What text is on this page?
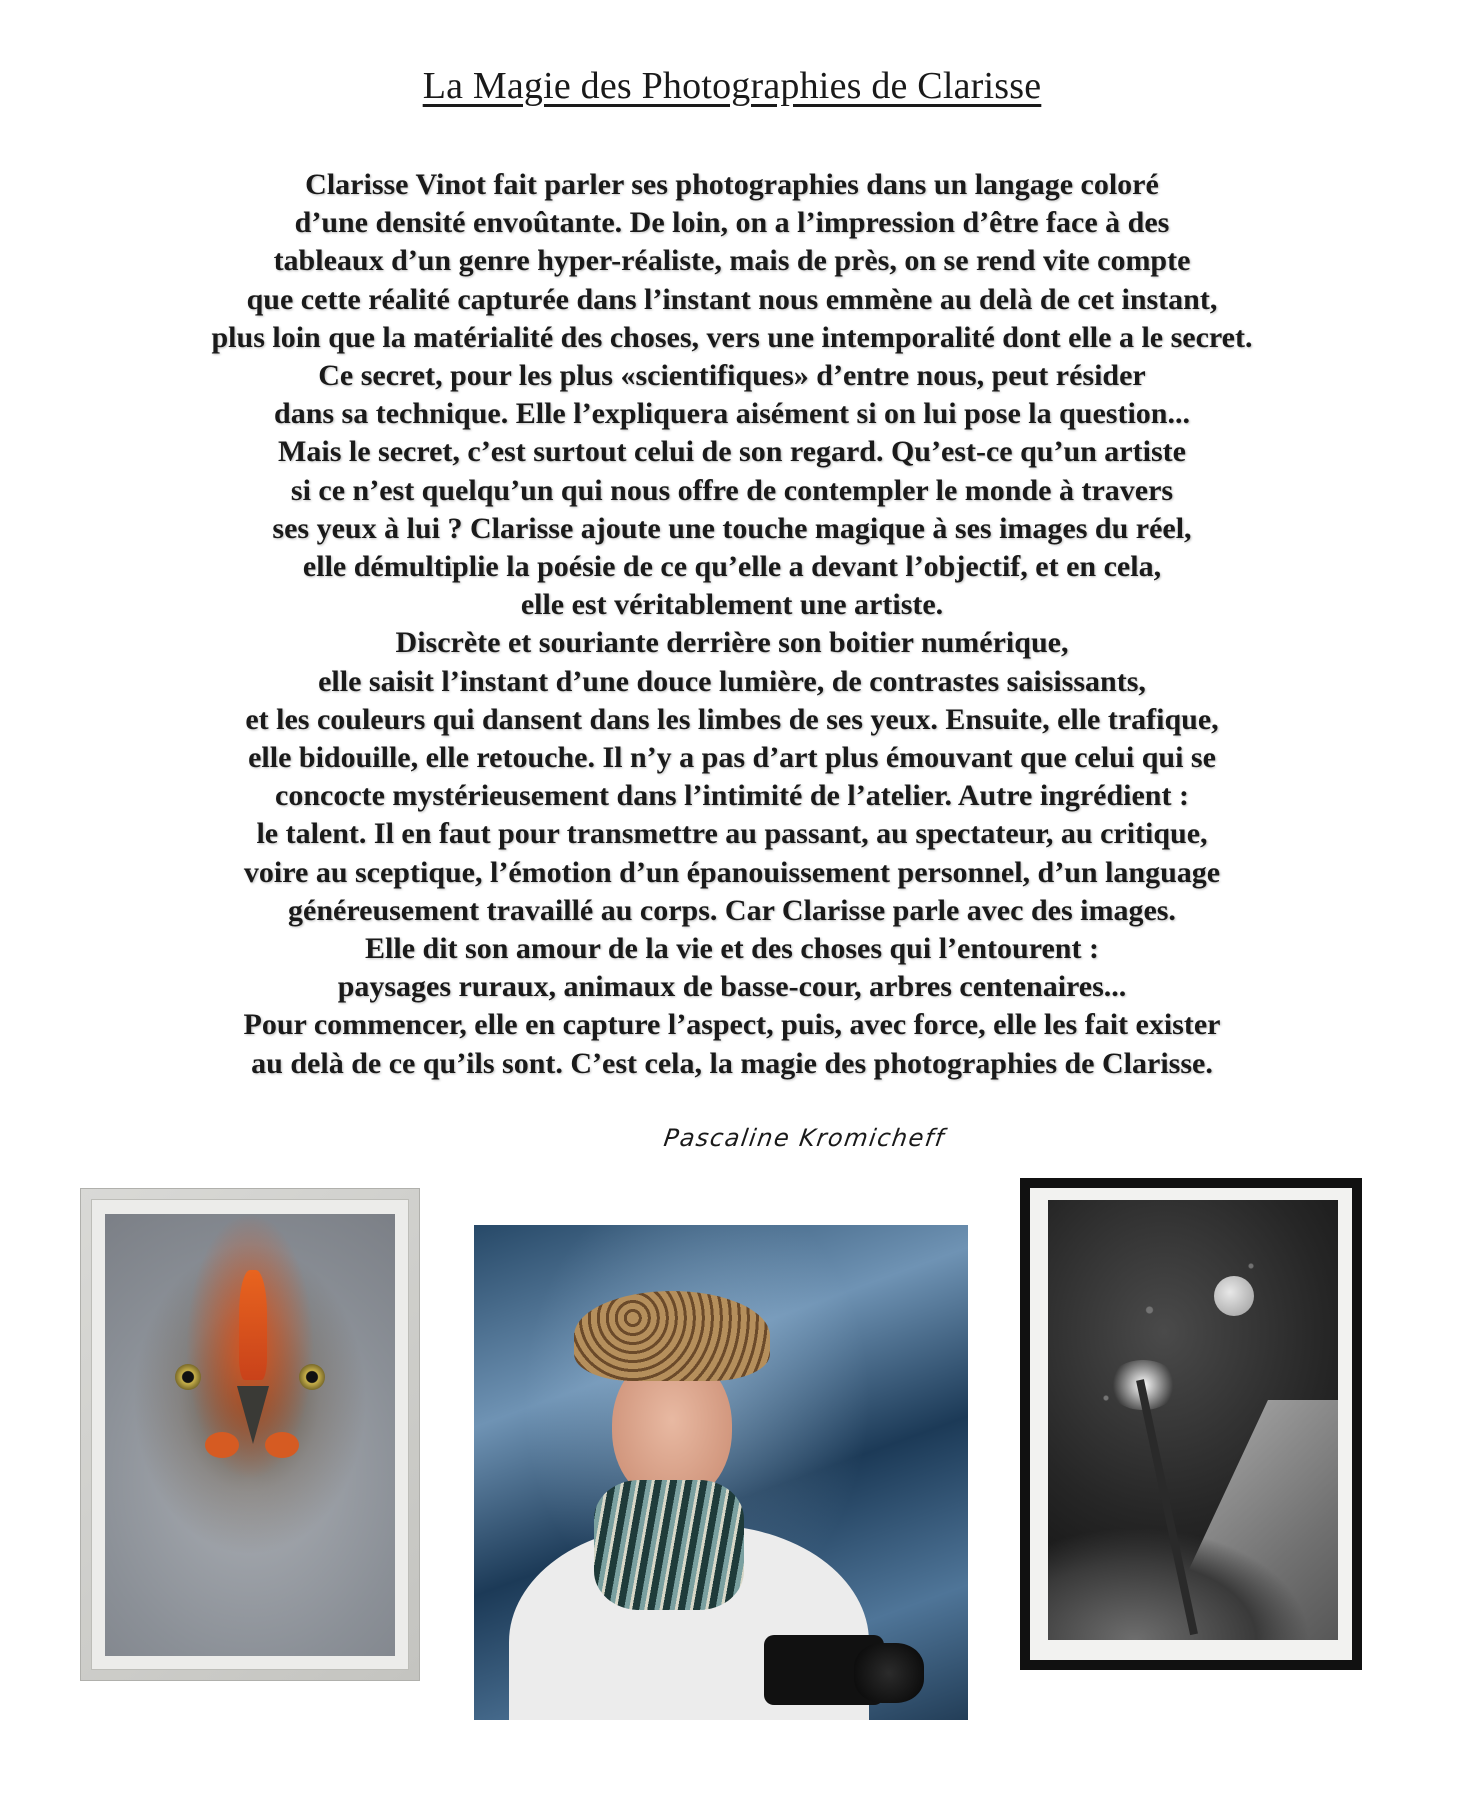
La Magie des Photographies de Clarisse
Clarisse Vinot fait parler ses photographies dans un langage coloré
d’une densité envoûtante. De loin, on a l’impression d’être face à des
tableaux d’un genre hyper-réaliste, mais de près, on se rend vite compte
que cette réalité capturée dans l’instant nous emmène au delà de cet instant,
plus loin que la matérialité des choses, vers une intemporalité dont elle a le secret.
Ce secret, pour les plus «scientifiques» d’entre nous, peut résider
dans sa technique. Elle l’expliquera aisément si on lui pose la question...
Mais le secret, c’est surtout celui de son regard. Qu’est-ce qu’un artiste
si ce n’est quelqu’un qui nous offre de contempler le monde à travers
ses yeux à lui ? Clarisse ajoute une touche magique à ses images du réel,
elle démultiplie la poésie de ce qu’elle a devant l’objectif, et en cela,
elle est véritablement une artiste.
Discrète et souriante derrière son boitier numérique,
elle saisit l’instant d’une douce lumière, de contrastes saisissants,
et les couleurs qui dansent dans les limbes de ses yeux. Ensuite, elle trafique,
elle bidouille, elle retouche. Il n’y a pas d’art plus émouvant que celui qui se
concocte mystérieusement dans l’intimité de l’atelier. Autre ingrédient :
le talent. Il en faut pour transmettre au passant, au spectateur, au critique,
voire au sceptique, l’émotion d’un épanouissement personnel, d’un language
généreusement travaillé au corps. Car Clarisse parle avec des images.
Elle dit son amour de la vie et des choses qui l’entourent :
paysages ruraux, animaux de basse-cour, arbres centenaires...
Pour commencer, elle en capture l’aspect, puis, avec force, elle les fait exister
au delà de ce qu’ils sont. C’est cela, la magie des photographies de Clarisse.
Pascaline Kromicheff
